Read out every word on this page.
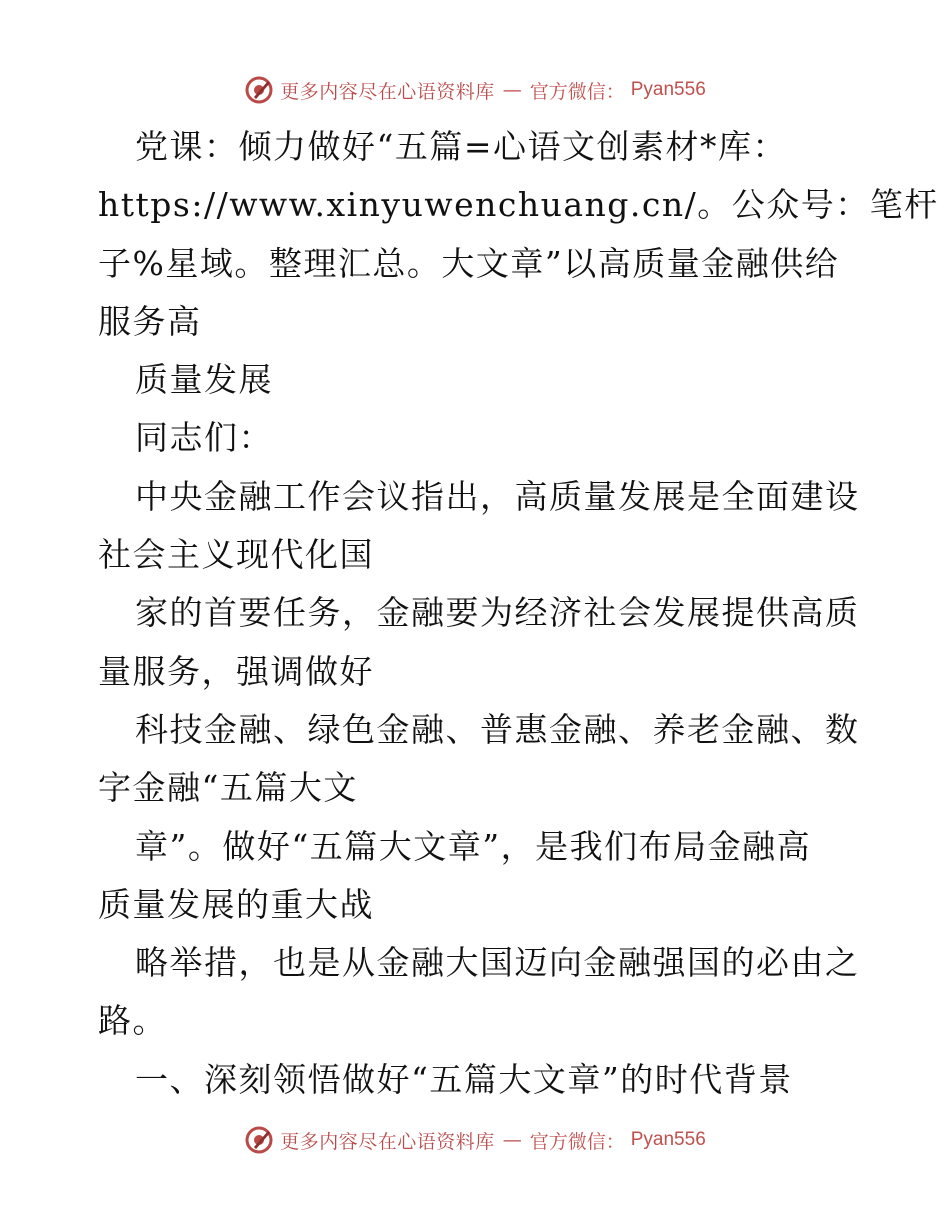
更多内容尽在心语资料库 — 官方微信： Pyan556
党课：倾力做好“五篇=心语文创素材*库：
https://www.xinyuwenchuang.cn/。公众号：笔杆
子%星域。整理汇总。大文章”以高质量金融供给
服务高
质量发展
同志们：
中央金融工作会议指出，高质量发展是全面建设
社会主义现代化国
家的首要任务，金融要为经济社会发展提供高质
量服务，强调做好
科技金融、绿色金融、普惠金融、养老金融、数
字金融“五篇大文
章”。做好“五篇大文章”，是我们布局金融高
质量发展的重大战
略举措，也是从金融大国迈向金融强国的必由之
路。
一、深刻领悟做好“五篇大文章”的时代背景
更多内容尽在心语资料库 — 官方微信： Pyan556
